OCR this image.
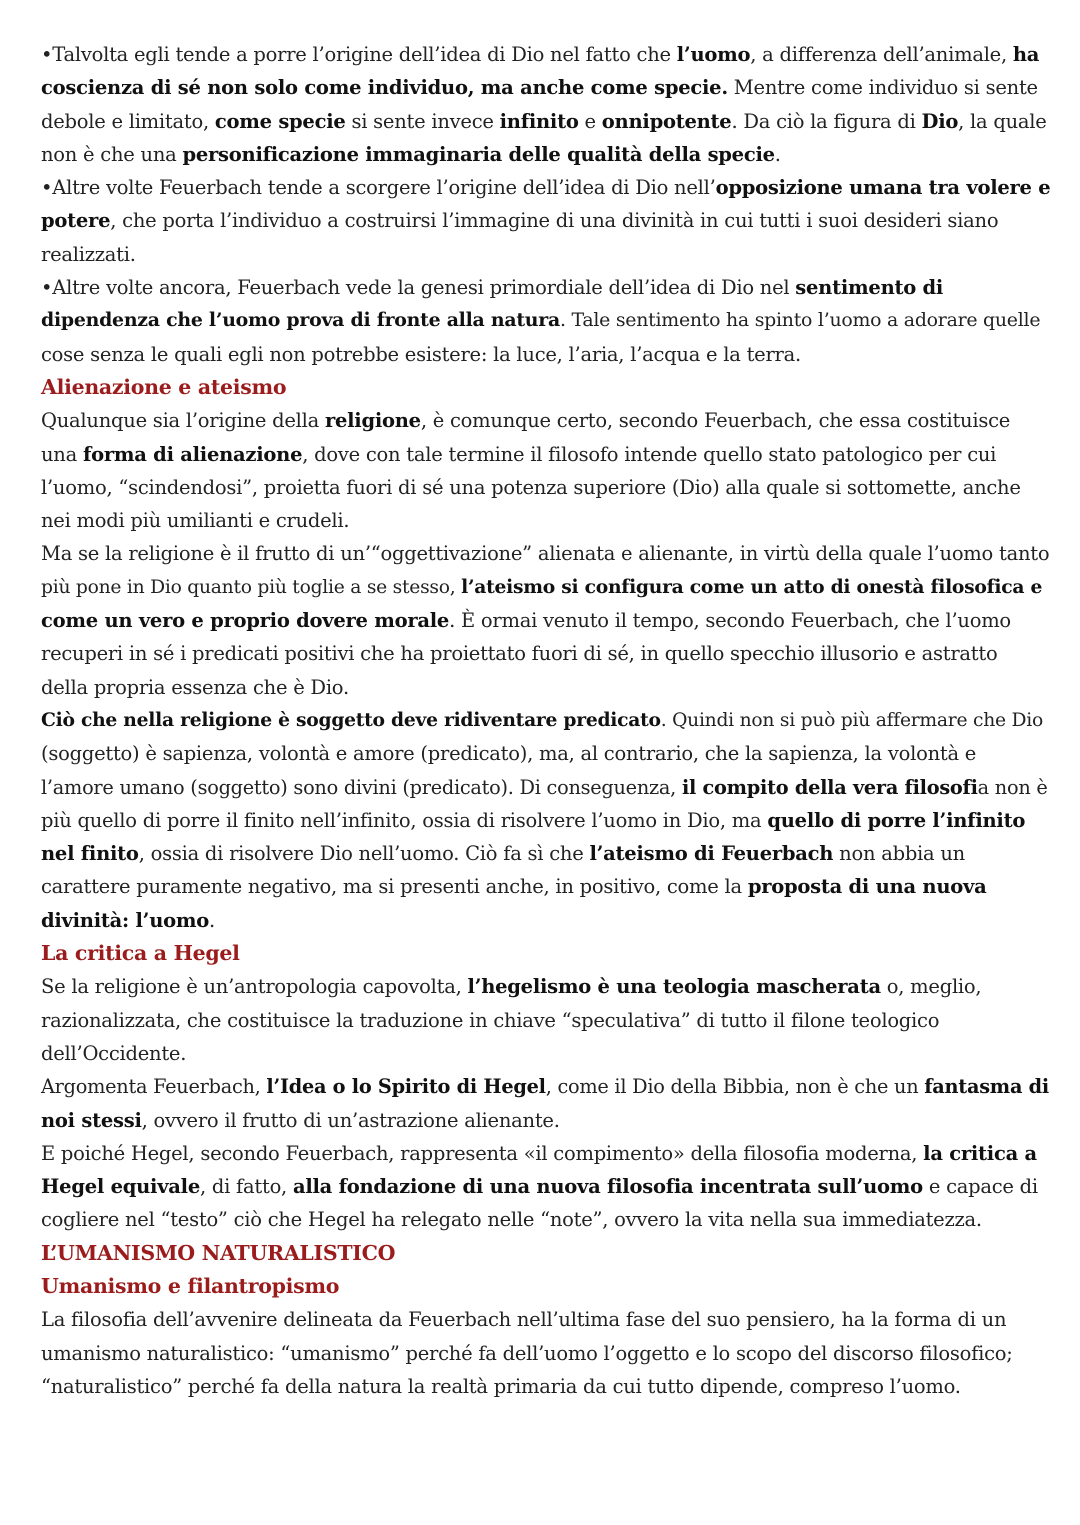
•Talvolta egli tende a porre l’origine dell’idea di Dio nel fatto che l’uomo, a differenza dell’animale, ha
coscienza di sé non solo come individuo, ma anche come specie. Mentre come individuo si sente
debole e limitato, come specie si sente invece infinito e onnipotente. Da ciò la figura di Dio, la quale
non è che una personificazione immaginaria delle qualità della specie.
•Altre volte Feuerbach tende a scorgere l’origine dell’idea di Dio nell’opposizione umana tra volere e
potere, che porta l’individuo a costruirsi l’immagine di una divinità in cui tutti i suoi desideri siano
realizzati.
•Altre volte ancora, Feuerbach vede la genesi primordiale dell’idea di Dio nel sentimento di
dipendenza che l’uomo prova di fronte alla natura. Tale sentimento ha spinto l’uomo a adorare quelle
cose senza le quali egli non potrebbe esistere: la luce, l’aria, l’acqua e la terra.
Alienazione e ateismo
Qualunque sia l’origine della religione, è comunque certo, secondo Feuerbach, che essa costituisce
una forma di alienazione, dove con tale termine il filosofo intende quello stato patologico per cui
l’uomo, “scindendosi”, proietta fuori di sé una potenza superiore (Dio) alla quale si sottomette, anche
nei modi più umilianti e crudeli.
Ma se la religione è il frutto di un’“oggettivazione” alienata e alienante, in virtù della quale l’uomo tanto
più pone in Dio quanto più toglie a se stesso, l’ateismo si configura come un atto di onestà filosofica e
come un vero e proprio dovere morale. È ormai venuto il tempo, secondo Feuerbach, che l’uomo
recuperi in sé i predicati positivi che ha proiettato fuori di sé, in quello specchio illusorio e astratto
della propria essenza che è Dio.
Ciò che nella religione è soggetto deve ridiventare predicato. Quindi non si può più affermare che Dio
(soggetto) è sapienza, volontà e amore (predicato), ma, al contrario, che la sapienza, la volontà e
l’amore umano (soggetto) sono divini (predicato). Di conseguenza, il compito della vera filosofia non è
più quello di porre il finito nell’infinito, ossia di risolvere l’uomo in Dio, ma quello di porre l’infinito
nel finito, ossia di risolvere Dio nell’uomo. Ciò fa sì che l’ateismo di Feuerbach non abbia un
carattere puramente negativo, ma si presenti anche, in positivo, come la proposta di una nuova
divinità: l’uomo.
La critica a Hegel
Se la religione è un’antropologia capovolta, l’hegelismo è una teologia mascherata o, meglio,
razionalizzata, che costituisce la traduzione in chiave “speculativa” di tutto il filone teologico
dell’Occidente.
Argomenta Feuerbach, l’Idea o lo Spirito di Hegel, come il Dio della Bibbia, non è che un fantasma di
noi stessi, ovvero il frutto di un’astrazione alienante.
E poiché Hegel, secondo Feuerbach, rappresenta «il compimento» della filosofia moderna, la critica a
Hegel equivale, di fatto, alla fondazione di una nuova filosofia incentrata sull’uomo e capace di
cogliere nel “testo” ciò che Hegel ha relegato nelle “note”, ovvero la vita nella sua immediatezza.
L’UMANISMO NATURALISTICO
Umanismo e filantropismo
La filosofia dell’avvenire delineata da Feuerbach nell’ultima fase del suo pensiero, ha la forma di un
umanismo naturalistico: “umanismo” perché fa dell’uomo l’oggetto e lo scopo del discorso filosofico;
“naturalistico” perché fa della natura la realtà primaria da cui tutto dipende, compreso l’uomo.
